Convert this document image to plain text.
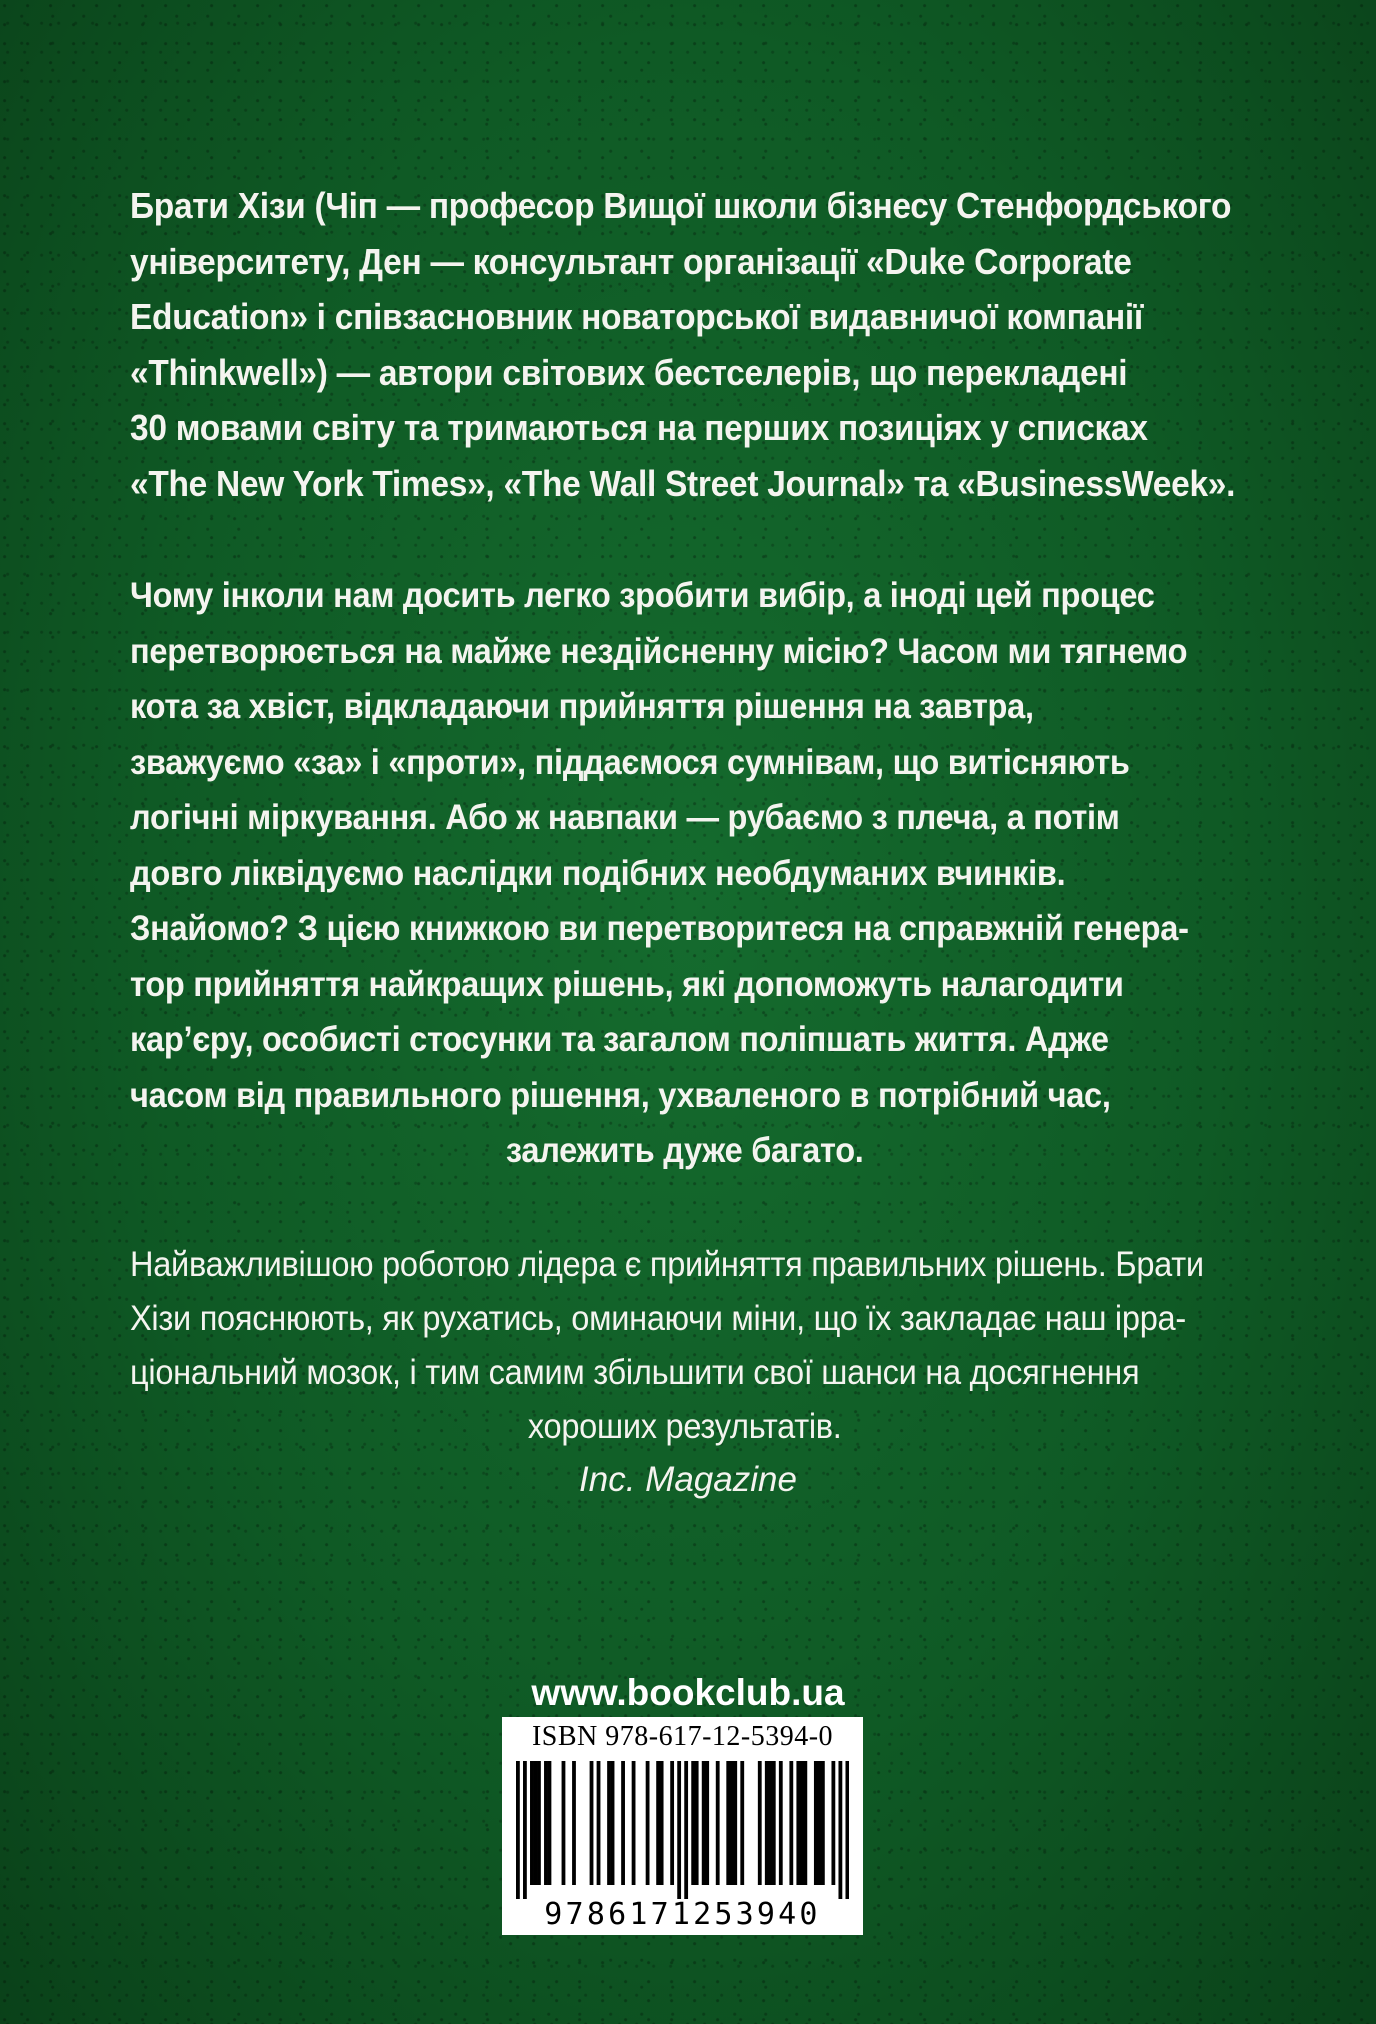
Брати Хізи (Чіп — професор Вищої школи бізнесу Стенфордського
університету, Ден — консультант організації «Duke Corporate
Education» і співзасновник новаторської видавничої компанії
«Thinkwell») — автори світових бестселерів, що перекладені
30 мовами світу та тримаються на перших позиціях у списках
«The New York Times», «The Wall Street Journal» та «BusinessWeek».
Чому інколи нам досить легко зробити вибір, а іноді цей процес
перетворюється на майже нездійсненну місію? Часом ми тягнемо
кота за хвіст, відкладаючи прийняття рішення на завтра,
зважуємо «за» і «проти», піддаємося сумнівам, що витісняють
логічні міркування. Або ж навпаки — рубаємо з плеча, а потім
довго ліквідуємо наслідки подібних необдуманих вчинків.
Знайомо? З цією книжкою ви перетворитеся на справжній генера-
тор прийняття найкращих рішень, які допоможуть налагодити
кар’єру, особисті стосунки та загалом поліпшать життя. Адже
часом від правильного рішення, ухваленого в потрібний час,
залежить дуже багато.
Найважливішою роботою лідера є прийняття правильних рішень. Брати
Хізи пояснюють, як рухатись, оминаючи міни, що їх закладає наш ірра-
ціональний мозок, і тим самим збільшити свої шанси на досягнення
хороших результатів.
Inc. Magazine
www.bookclub.ua
ISBN 978-617-12-5394-0
9786171253940
